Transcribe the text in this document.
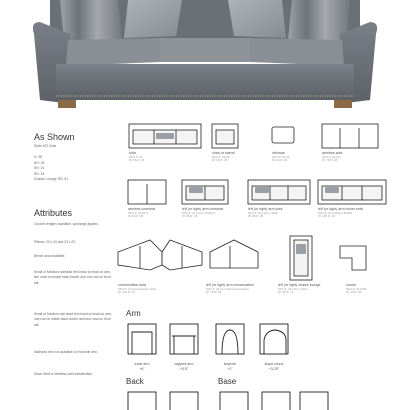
As Shown
Style #22 Sofa
H: 38
AH: 25
SH: 21
SD: 24
Chaise Lounge SD: 51
Attributes
Custom lengths available, upcharge applies.
Pillows: 20 x 20 and 23 x 23
Bench seat available.
Small or Medium nailhead trim head to head on arm, two rows on inside back border and one row on front rail.
Small or Medium nail head trim head to head on arm, one row on inside back border and two rows on front rail.
Nailhead trim not available on Keyhole arm.
Sewn Welt or Weltless with saddlestitch
sofa
SKU #: 22
W: 96 D: 45
chair or swivel
SKU #: 22-39
W: 36 D: 45
ottoman
SKU #: 22-31
W: 33 D: 23
armless sofa
SKU #: 22-AS
W: 79 D: 45
armless loveseat
SKU #: 22-ALS
W: 52 D: 45
left (or right) arm loveseat
SKU #: 22-LALS or RALS
W: 66 D: 45
left (or right) arm sofa
SKU #: 22-LAS or RAS
W: 86 D: 45
left (or right) arm return sofa
SKU #: 22-LARS or RARS
W: 106 D: 45
conversation sofa
SKU #: 22 Conversation Sofa
W: 154 D: 53
left (or right) arm conversation
SKU #: 22 LA or RA Conversation
W: 70 D: 53
left (or right) chaise lounge
SKU #: 22 LAC or RAC
W: 35 D: 73
corner
SKU #: 22-COR
W: 45 D: 45
Arm
track arm
+6"
capped arm
+5.5"
keyhole
+1"
slope round
+3.25"
Back	Base
